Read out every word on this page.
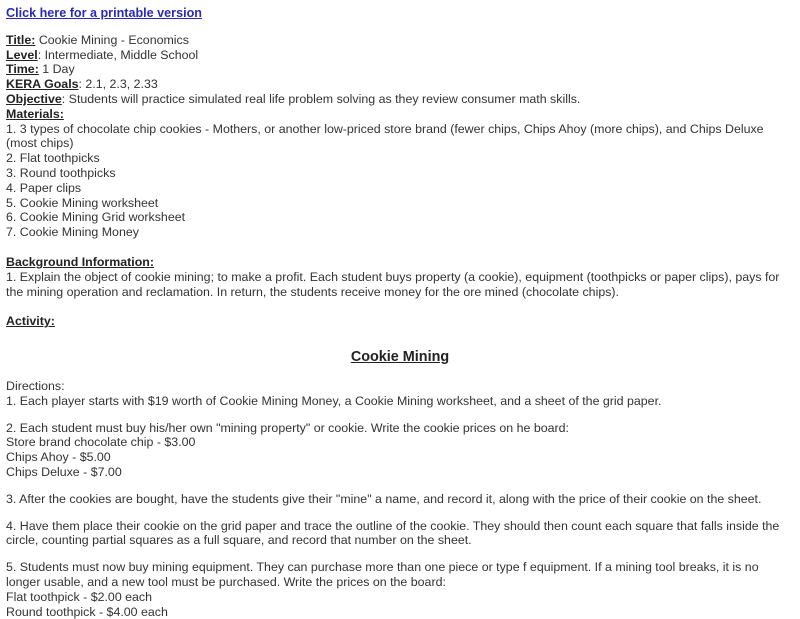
Click here for a printable version
Title: Cookie Mining - Economics
Level: Intermediate, Middle School
Time: 1 Day
KERA Goals: 2.1, 2.3, 2.33
Objective: Students will practice simulated real life problem solving as they review consumer math skills.
Materials:
1. 3 types of chocolate chip cookies - Mothers, or another low-priced store brand (fewer chips, Chips Ahoy (more chips), and Chips Deluxe (most chips)
2. Flat toothpicks
3. Round toothpicks
4. Paper clips
5. Cookie Mining worksheet
6. Cookie Mining Grid worksheet
7. Cookie Mining Money
Background Information:
1. Explain the object of cookie mining; to make a profit. Each student buys property (a cookie), equipment (toothpicks or paper clips), pays for the mining operation and reclamation. In return, the students receive money for the ore mined (chocolate chips).
Activity:
Cookie Mining
Directions:
1. Each player starts with $19 worth of Cookie Mining Money, a Cookie Mining worksheet, and a sheet of the grid paper.
2. Each student must buy his/her own "mining property" or cookie. Write the cookie prices on he board:
Store brand chocolate chip - $3.00
Chips Ahoy - $5.00
Chips Deluxe - $7.00
3. After the cookies are bought, have the students give their "mine" a name, and record it, along with the price of their cookie on the sheet.
4. Have them place their cookie on the grid paper and trace the outline of the cookie. They should then count each square that falls inside the circle, counting partial squares as a full square, and record that number on the sheet.
5. Students must now buy mining equipment. They can purchase more than one piece or type f equipment. If a mining tool breaks, it is no longer usable, and a new tool must be purchased. Write the prices on the board:
Flat toothpick - $2.00 each
Round toothpick - $4.00 each
